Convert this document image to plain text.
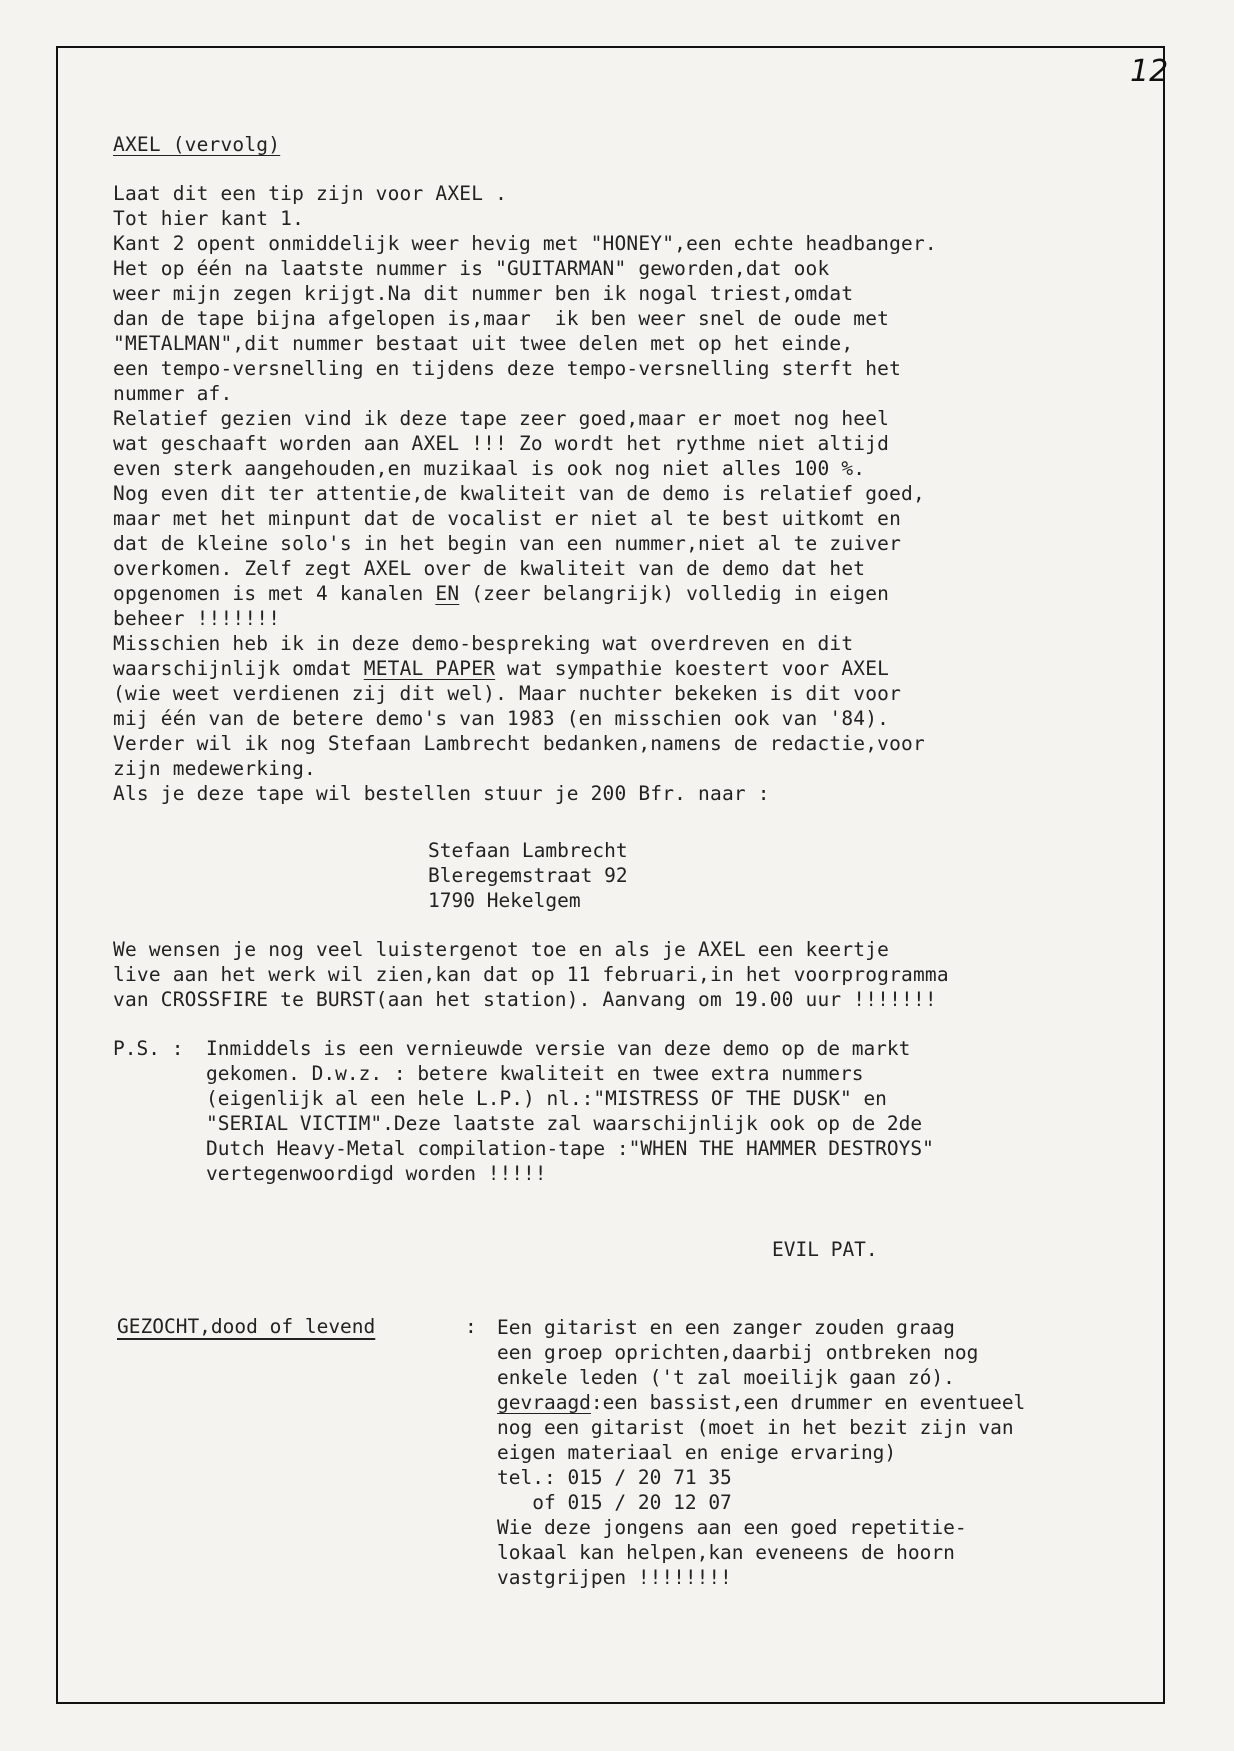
12
AXEL (vervolg)
Laat dit een tip zijn voor AXEL .
Tot hier kant 1.
Kant 2 opent onmiddelijk weer hevig met "HONEY",een echte headbanger.
Het op één na laatste nummer is "GUITARMAN" geworden,dat ook
weer mijn zegen krijgt.Na dit nummer ben ik nogal triest,omdat
dan de tape bijna afgelopen is,maar  ik ben weer snel de oude met
"METALMAN",dit nummer bestaat uit twee delen met op het einde,
een tempo-versnelling en tijdens deze tempo-versnelling sterft het
nummer af.
Relatief gezien vind ik deze tape zeer goed,maar er moet nog heel
wat geschaaft worden aan AXEL !!! Zo wordt het rythme niet altijd
even sterk aangehouden,en muzikaal is ook nog niet alles 100 %.
Nog even dit ter attentie,de kwaliteit van de demo is relatief goed,
maar met het minpunt dat de vocalist er niet al te best uitkomt en
dat de kleine solo's in het begin van een nummer,niet al te zuiver
overkomen. Zelf zegt AXEL over de kwaliteit van de demo dat het
opgenomen is met 4 kanalen EN (zeer belangrijk) volledig in eigen
beheer !!!!!!!
Misschien heb ik in deze demo-bespreking wat overdreven en dit
waarschijnlijk omdat METAL PAPER wat sympathie koestert voor AXEL
(wie weet verdienen zij dit wel). Maar nuchter bekeken is dit voor
mij één van de betere demo's van 1983 (en misschien ook van '84).
Verder wil ik nog Stefaan Lambrecht bedanken,namens de redactie,voor
zijn medewerking.
Als je deze tape wil bestellen stuur je 200 Bfr. naar :
Stefaan Lambrecht
Bleregemstraat 92
1790 Hekelgem
We wensen je nog veel luistergenot toe en als je AXEL een keertje
live aan het werk wil zien,kan dat op 11 februari,in het voorprogramma
van CROSSFIRE te BURST(aan het station). Aanvang om 19.00 uur !!!!!!!
P.S. : Inmiddels is een vernieuwde versie van deze demo op de markt
gekomen. D.w.z. : betere kwaliteit en twee extra nummers
(eigenlijk al een hele L.P.) nl.:"MISTRESS OF THE DUSK" en
"SERIAL VICTIM".Deze laatste zal waarschijnlijk ook op de 2de
Dutch Heavy-Metal compilation-tape :"WHEN THE HAMMER DESTROYS"
vertegenwoordigd worden !!!!!
EVIL PAT.
GEZOCHT,dood of levend	: Een gitarist en een zanger zouden graag
een groep oprichten,daarbij ontbreken nog
enkele leden ('t zal moeilijk gaan zó).
gevraagd:een bassist,een drummer en eventueel
nog een gitarist (moet in het bezit zijn van
eigen materiaal en enige ervaring)
tel.: 015 / 20 71 35
of 015 / 20 12 07
Wie deze jongens aan een goed repetitie-
lokaal kan helpen,kan eveneens de hoorn
vastgrijpen !!!!!!!!
